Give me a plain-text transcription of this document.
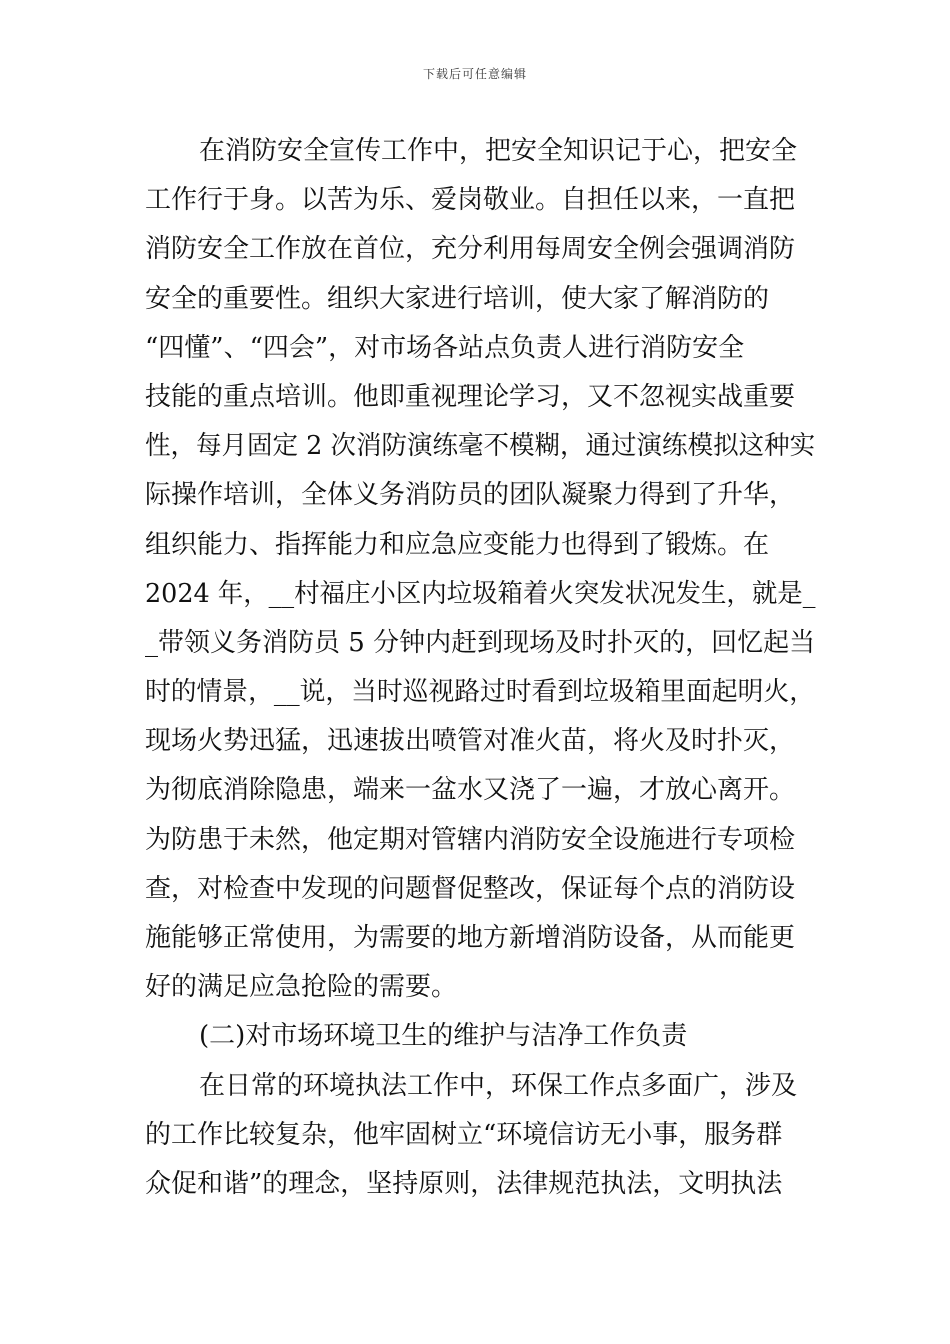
下载后可任意编辑
在消防安全宣传工作中，把安全知识记于心，把安全
工作行于身。以苦为乐、爱岗敬业。自担任以来，一直把
消防安全工作放在首位，充分利用每周安全例会强调消防
安全的重要性。组织大家进行培训，使大家了解消防的
“四懂”、“四会”，对市场各站点负责人进行消防安全
技能的重点培训。他即重视理论学习，又不忽视实战重要
性，每月固定 2 次消防演练毫不模糊，通过演练模拟这种实
际操作培训，全体义务消防员的团队凝聚力得到了升华，
组织能力、指挥能力和应急应变能力也得到了锻炼。在
2024 年，__村福庄小区内垃圾箱着火突发状况发生，就是_
_带领义务消防员 5 分钟内赶到现场及时扑灭的，回忆起当
时的情景，__说，当时巡视路过时看到垃圾箱里面起明火，
现场火势迅猛，迅速拔出喷管对准火苗，将火及时扑灭，
为彻底消除隐患，端来一盆水又浇了一遍，才放心离开。
为防患于未然，他定期对管辖内消防安全设施进行专项检
查，对检查中发现的问题督促整改，保证每个点的消防设
施能够正常使用，为需要的地方新增消防设备，从而能更
好的满足应急抢险的需要。
(二)对市场环境卫生的维护与洁净工作负责
在日常的环境执法工作中，环保工作点多面广，涉及
的工作比较复杂，他牢固树立“环境信访无小事，服务群
众促和谐”的理念，坚持原则，法律规范执法，文明执法
